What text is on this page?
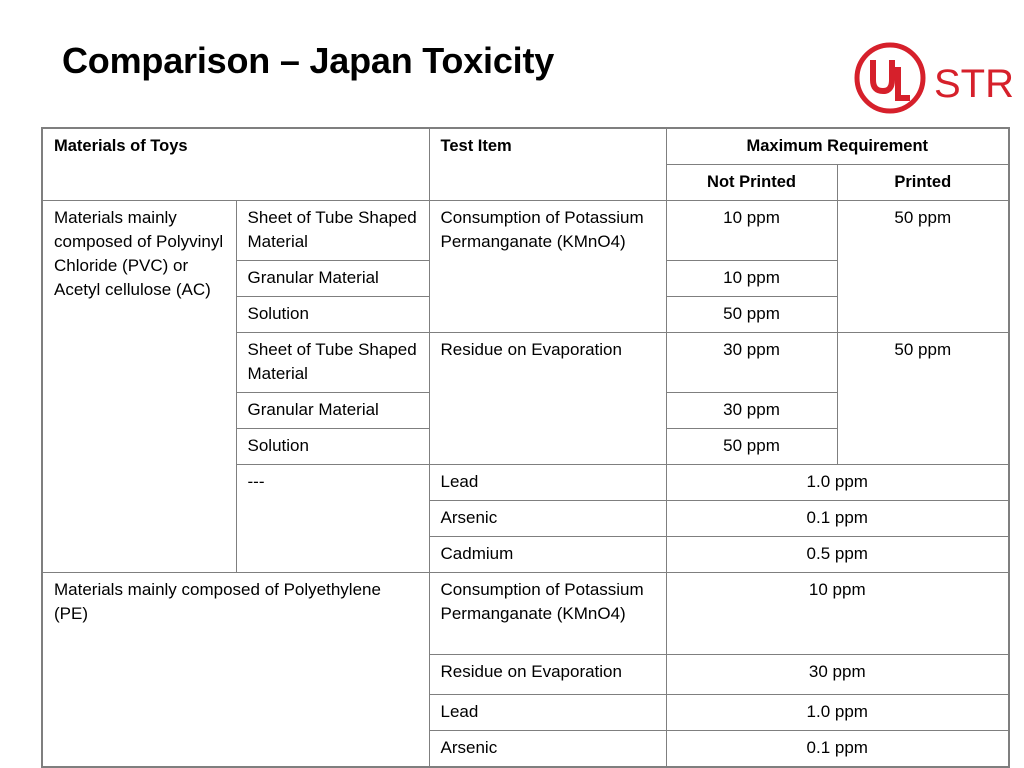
Comparison – Japan Toxicity
STR
Materials of Toys		Test Item	Maximum Requirement	
			Not Printed	Printed
Materials mainly composed of Polyvinyl Chloride (PVC) or Acetyl cellulose (AC)	Sheet of Tube Shaped Material	Consumption of Potassium Permanganate (KMnO4)	10 ppm	50 ppm
	Granular Material		10 ppm	
	Solution		50 ppm	
	Sheet of Tube Shaped Material	Residue on Evaporation	30 ppm	50 ppm
	Granular Material		30 ppm	
	Solution		50 ppm	
	---	Lead	1.0 ppm	
		Arsenic	0.1 ppm	
		Cadmium	0.5 ppm	
Materials mainly composed of Polyethylene (PE)		Consumption of Potassium Permanganate (KMnO4)	10 ppm	
		Residue on Evaporation	30 ppm	
		Lead	1.0 ppm	
		Arsenic	0.1 ppm	
